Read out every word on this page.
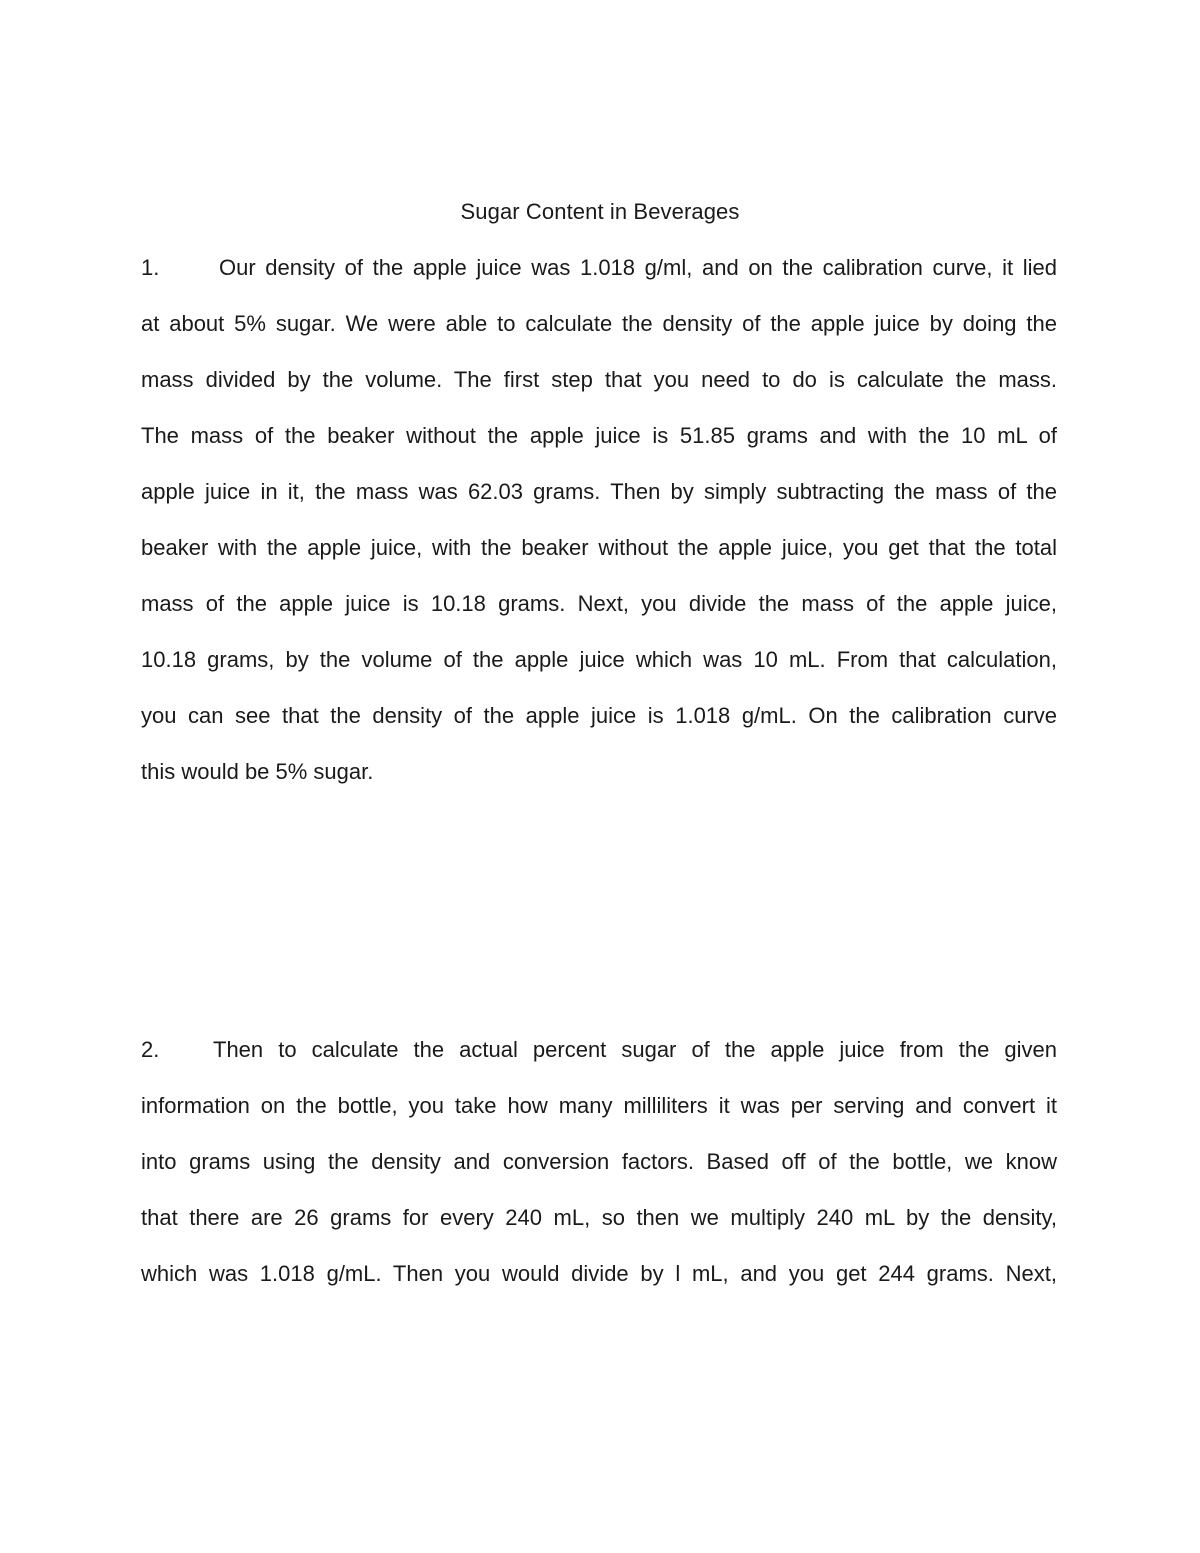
Sugar Content in Beverages
1.	Our density of the apple juice was 1.018 g/ml, and on the calibration curve, it lied
at about 5% sugar. We were able to calculate the density of the apple juice by doing the
mass divided by the volume. The first step that you need to do is calculate the mass.
The mass of the beaker without the apple juice is 51.85 grams and with the 10 mL of
apple juice in it, the mass was 62.03 grams. Then by simply subtracting the mass of the
beaker with the apple juice, with the beaker without the apple juice, you get that the total
mass of the apple juice is 10.18 grams. Next, you divide the mass of the apple juice,
10.18 grams, by the volume of the apple juice which was 10 mL. From that calculation,
you can see that the density of the apple juice is 1.018 g/mL. On the calibration curve
this would be 5% sugar.
2. Then to calculate the actual percent sugar of the apple juice from the given
information on the bottle, you take how many milliliters it was per serving and convert it
into grams using the density and conversion factors. Based off of the bottle, we know
that there are 26 grams for every 240 mL, so then we multiply 240 mL by the density,
which was 1.018 g/mL. Then you would divide by l mL, and you get 244 grams. Next,
